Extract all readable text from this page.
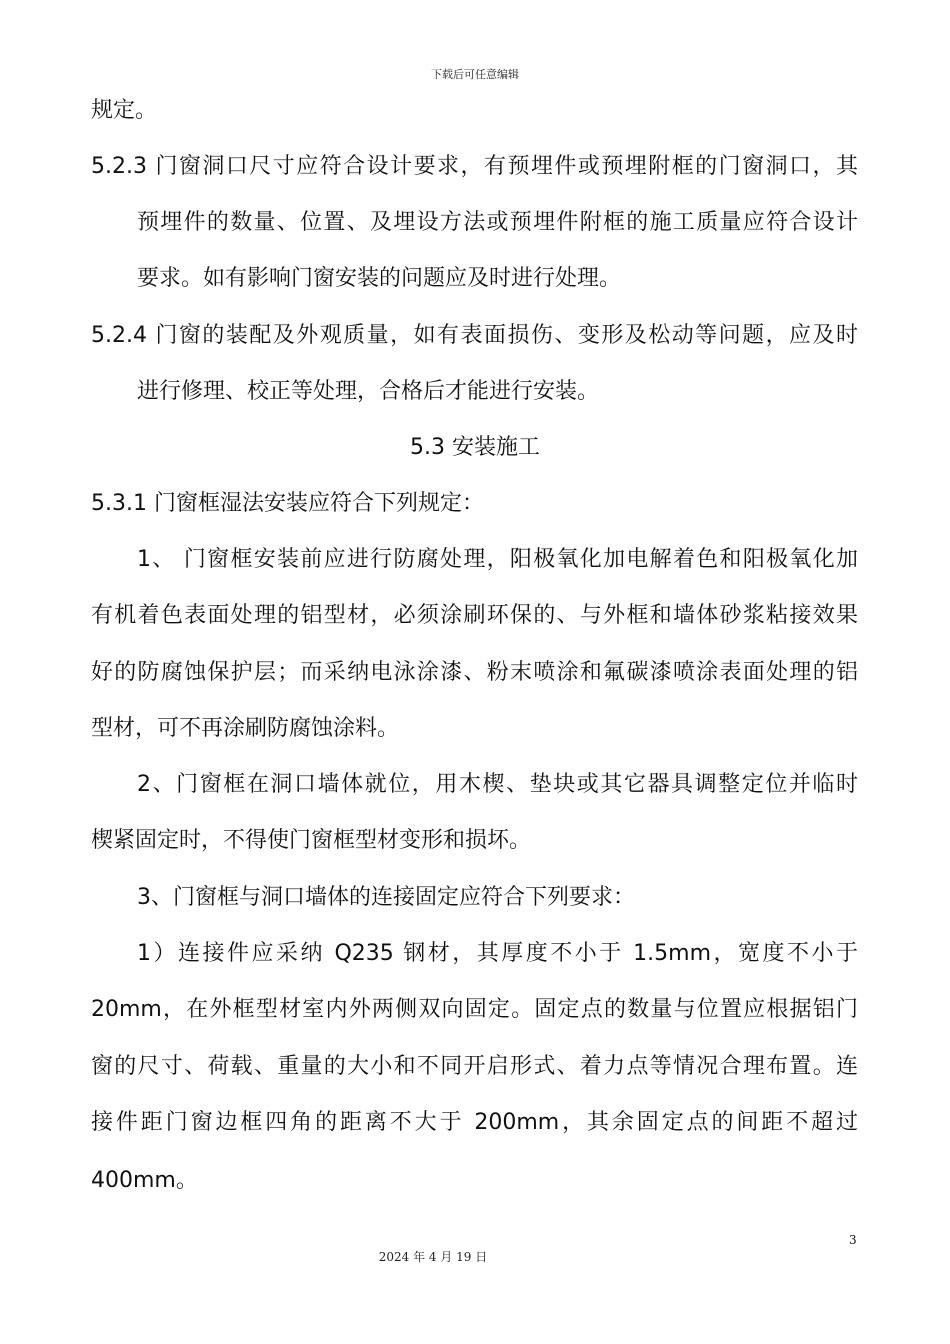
下载后可任意编辑
规定。
5.2.3 门窗洞口尺寸应符合设计要求，有预埋件或预埋附框的门窗洞口，其
预埋件的数量、位置、及埋设方法或预埋件附框的施工质量应符合设计
要求。如有影响门窗安装的问题应及时进行处理。
5.2.4 门窗的装配及外观质量，如有表面损伤、变形及松动等问题，应及时
进行修理、校正等处理，合格后才能进行安装。
5.3 安装施工
5.3.1 门窗框湿法安装应符合下列规定：
1、 门窗框安装前应进行防腐处理，阳极氧化加电解着色和阳极氧化加
有机着色表面处理的铝型材，必须涂刷环保的、与外框和墙体砂浆粘接效果
好的防腐蚀保护层；而采纳电泳涂漆、粉末喷涂和氟碳漆喷涂表面处理的铝
型材，可不再涂刷防腐蚀涂料。
2、门窗框在洞口墙体就位，用木楔、垫块或其它器具调整定位并临时
楔紧固定时，不得使门窗框型材变形和损坏。
3、门窗框与洞口墙体的连接固定应符合下列要求：
1）连接件应采纳 Q235 钢材，其厚度不小于 1.5mm，宽度不小于
20mm，在外框型材室内外两侧双向固定。固定点的数量与位置应根据铝门
窗的尺寸、荷载、重量的大小和不同开启形式、着力点等情况合理布置。连
接件距门窗边框四角的距离不大于 200mm，其余固定点的间距不超过
400mm。
3
2024 年 4 月 19 日
